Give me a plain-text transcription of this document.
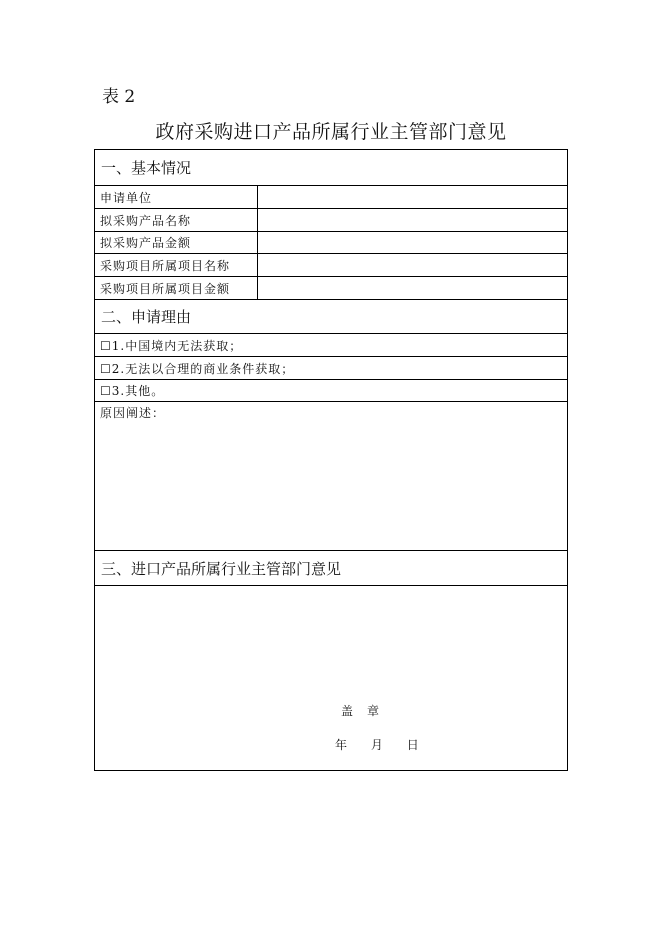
表 2
政府采购进口产品所属行业主管部门意见
一、基本情况
申请单位
拟采购产品名称
拟采购产品金额
采购项目所属项目名称
采购项目所属项目金额
二、申请理由
☐1.中国境内无法获取；
☐2.无法以合理的商业条件获取；
☐3.其他。
原因阐述：
三、进口产品所属行业主管部门意见
盖　章
年 月 日
